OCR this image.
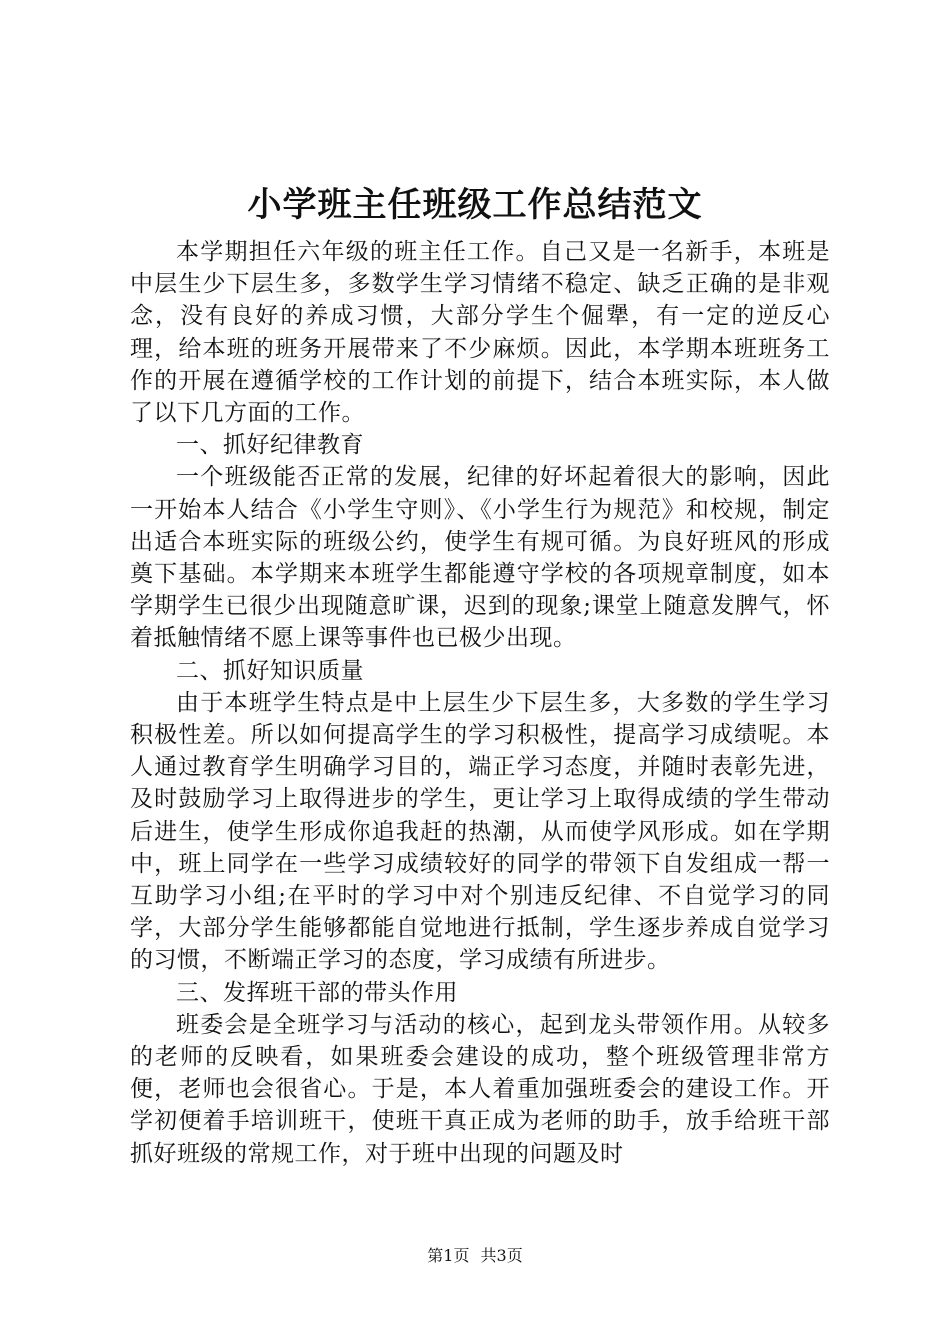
小学班主任班级工作总结范文

本学期担任六年级的班主任工作。自己又是一名新手，本班是中层生少下层生多，多数学生学习情绪不稳定、缺乏正确的是非观念，没有良好的养成习惯，大部分学生个倔犟，有一定的逆反心理，给本班的班务开展带来了不少麻烦。因此，本学期本班班务工作的开展在遵循学校的工作计划的前提下，结合本班实际，本人做了以下几方面的工作。

一、抓好纪律教育

一个班级能否正常的发展，纪律的好坏起着很大的影响，因此一开始本人结合《小学生守则》、《小学生行为规范》和校规，制定出适合本班实际的班级公约，使学生有规可循。为良好班风的形成奠下基础。本学期来本班学生都能遵守学校的各项规章制度，如本学期学生已很少出现随意旷课，迟到的现象;课堂上随意发脾气，怀着抵触情绪不愿上课等事件也已极少出现。

二、抓好知识质量

由于本班学生特点是中上层生少下层生多，大多数的学生学习积极性差。所以如何提高学生的学习积极性，提高学习成绩呢。本人通过教育学生明确学习目的，端正学习态度，并随时表彰先进，及时鼓励学习上取得进步的学生，更让学习上取得成绩的学生带动后进生，使学生形成你追我赶的热潮，从而使学风形成。如在学期中，班上同学在一些学习成绩较好的同学的带领下自发组成一帮一互助学习小组;在平时的学习中对个别违反纪律、不自觉学习的同学，大部分学生能够都能自觉地进行抵制，学生逐步养成自觉学习的习惯，不断端正学习的态度，学习成绩有所进步。

三、发挥班干部的带头作用

班委会是全班学习与活动的核心，起到龙头带领作用。从较多的老师的反映看，如果班委会建设的成功，整个班级管理非常方便，老师也会很省心。于是，本人着重加强班委会的建设工作。开学初便着手培训班干，使班干真正成为老师的助手，放手给班干部抓好班级的常规工作，对于班中出现的问题及时

第1页 共3页
